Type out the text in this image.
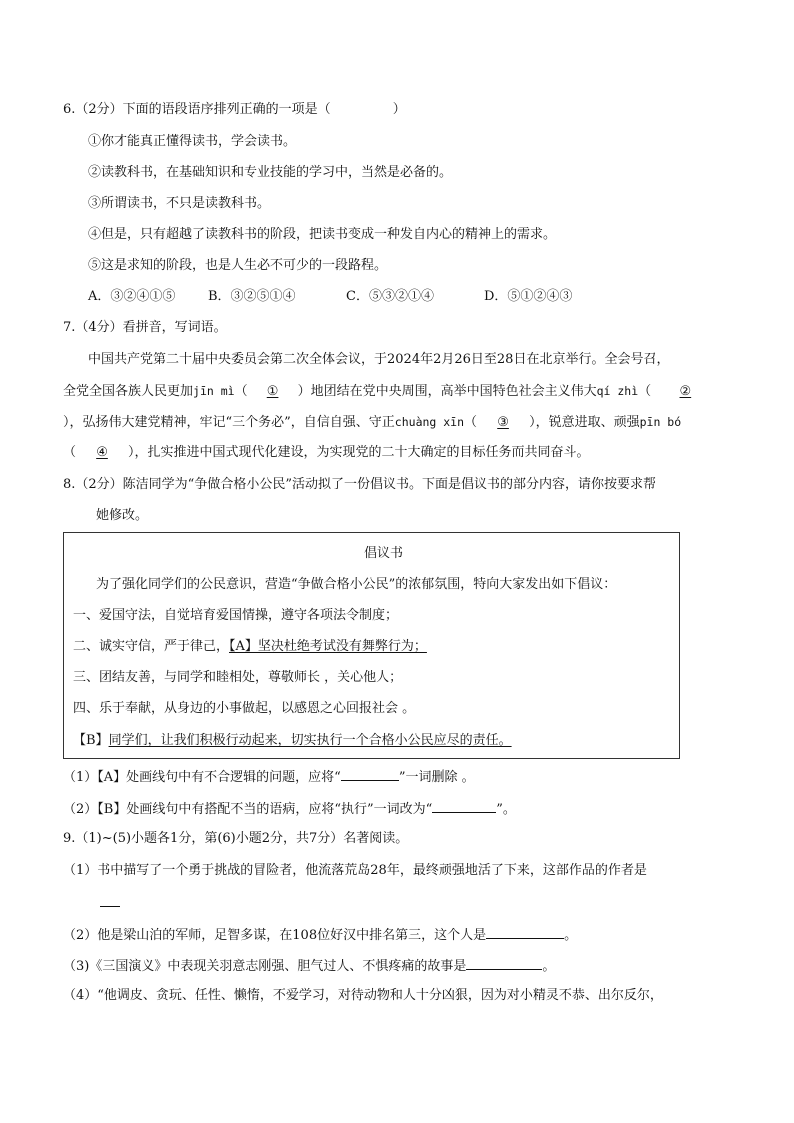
6.（2分）下面的语段语序排列正确的一项是（	）
①你才能真正懂得读书，学会读书。
②读教科书，在基础知识和专业技能的学习中，当然是必备的。
③所谓读书，不只是读教科书。
④但是，只有超越了读教科书的阶段，把读书变成一种发自内心的精神上的需求。
⑤这是求知的阶段，也是人生必不可少的一段路程。
A．③②④①⑤	B．③②⑤①④	C．⑤③②①④	D．⑤①②④③
7.（4分）看拼音，写词语。
中国共产党第二十届中央委员会第二次全体会议，于2024年2月26日至28日在北京举行。全会号召，
全党全国各族人民更加jīn mì（ ① ）地团结在党中央周围，高举中国特色社会主义伟大qí zhì（ ②
），弘扬伟大建党精神，牢记“三个务必”，自信自强、守正chuàng xīn（ ③ ），锐意进取、顽强pīn bó
（ ④ ），扎实推进中国式现代化建设，为实现党的二十大确定的目标任务而共同奋斗。
8.（2分）陈洁同学为“争做合格小公民”活动拟了一份倡议书。下面是倡议书的部分内容，请你按要求帮
她修改。
倡议书
为了强化同学们的公民意识，营造“争做合格小公民”的浓郁氛围，特向大家发出如下倡议：
一、爱国守法，自觉培育爱国情操，遵守各项法令制度；
二、诚实守信，严于律己，【A】坚决杜绝考试没有舞弊行为；
三、团结友善，与同学和睦相处，尊敬师长 ，关心他人；
四、乐于奉献，从身边的小事做起，以感恩之心回报社会 。
【B】同学们，让我们积极行动起来，切实执行一个合格小公民应尽的责任。
（1）【A】处画线句中有不合逻辑的问题，应将“	”一词删除 。
（2）【B】处画线句中有搭配不当的语病，应将“执行”一词改为“	”。
9.（1)~(5)小题各1分，第(6)小题2分，共7分）名著阅读。
（1）书中描写了一个勇于挑战的冒险者，他流落荒岛28年，最终顽强地活了下来，这部作品的作者是
（2）他是梁山泊的军师，足智多谋，在108位好汉中排名第三，这个人是	。
（3)《三国演义》中表现关羽意志刚强、胆气过人、不惧疼痛的故事是	。
（4）“他调皮、贪玩、任性、懒惰，不爱学习，对待动物和人十分凶狠，因为对小精灵不恭、出尔反尔，
